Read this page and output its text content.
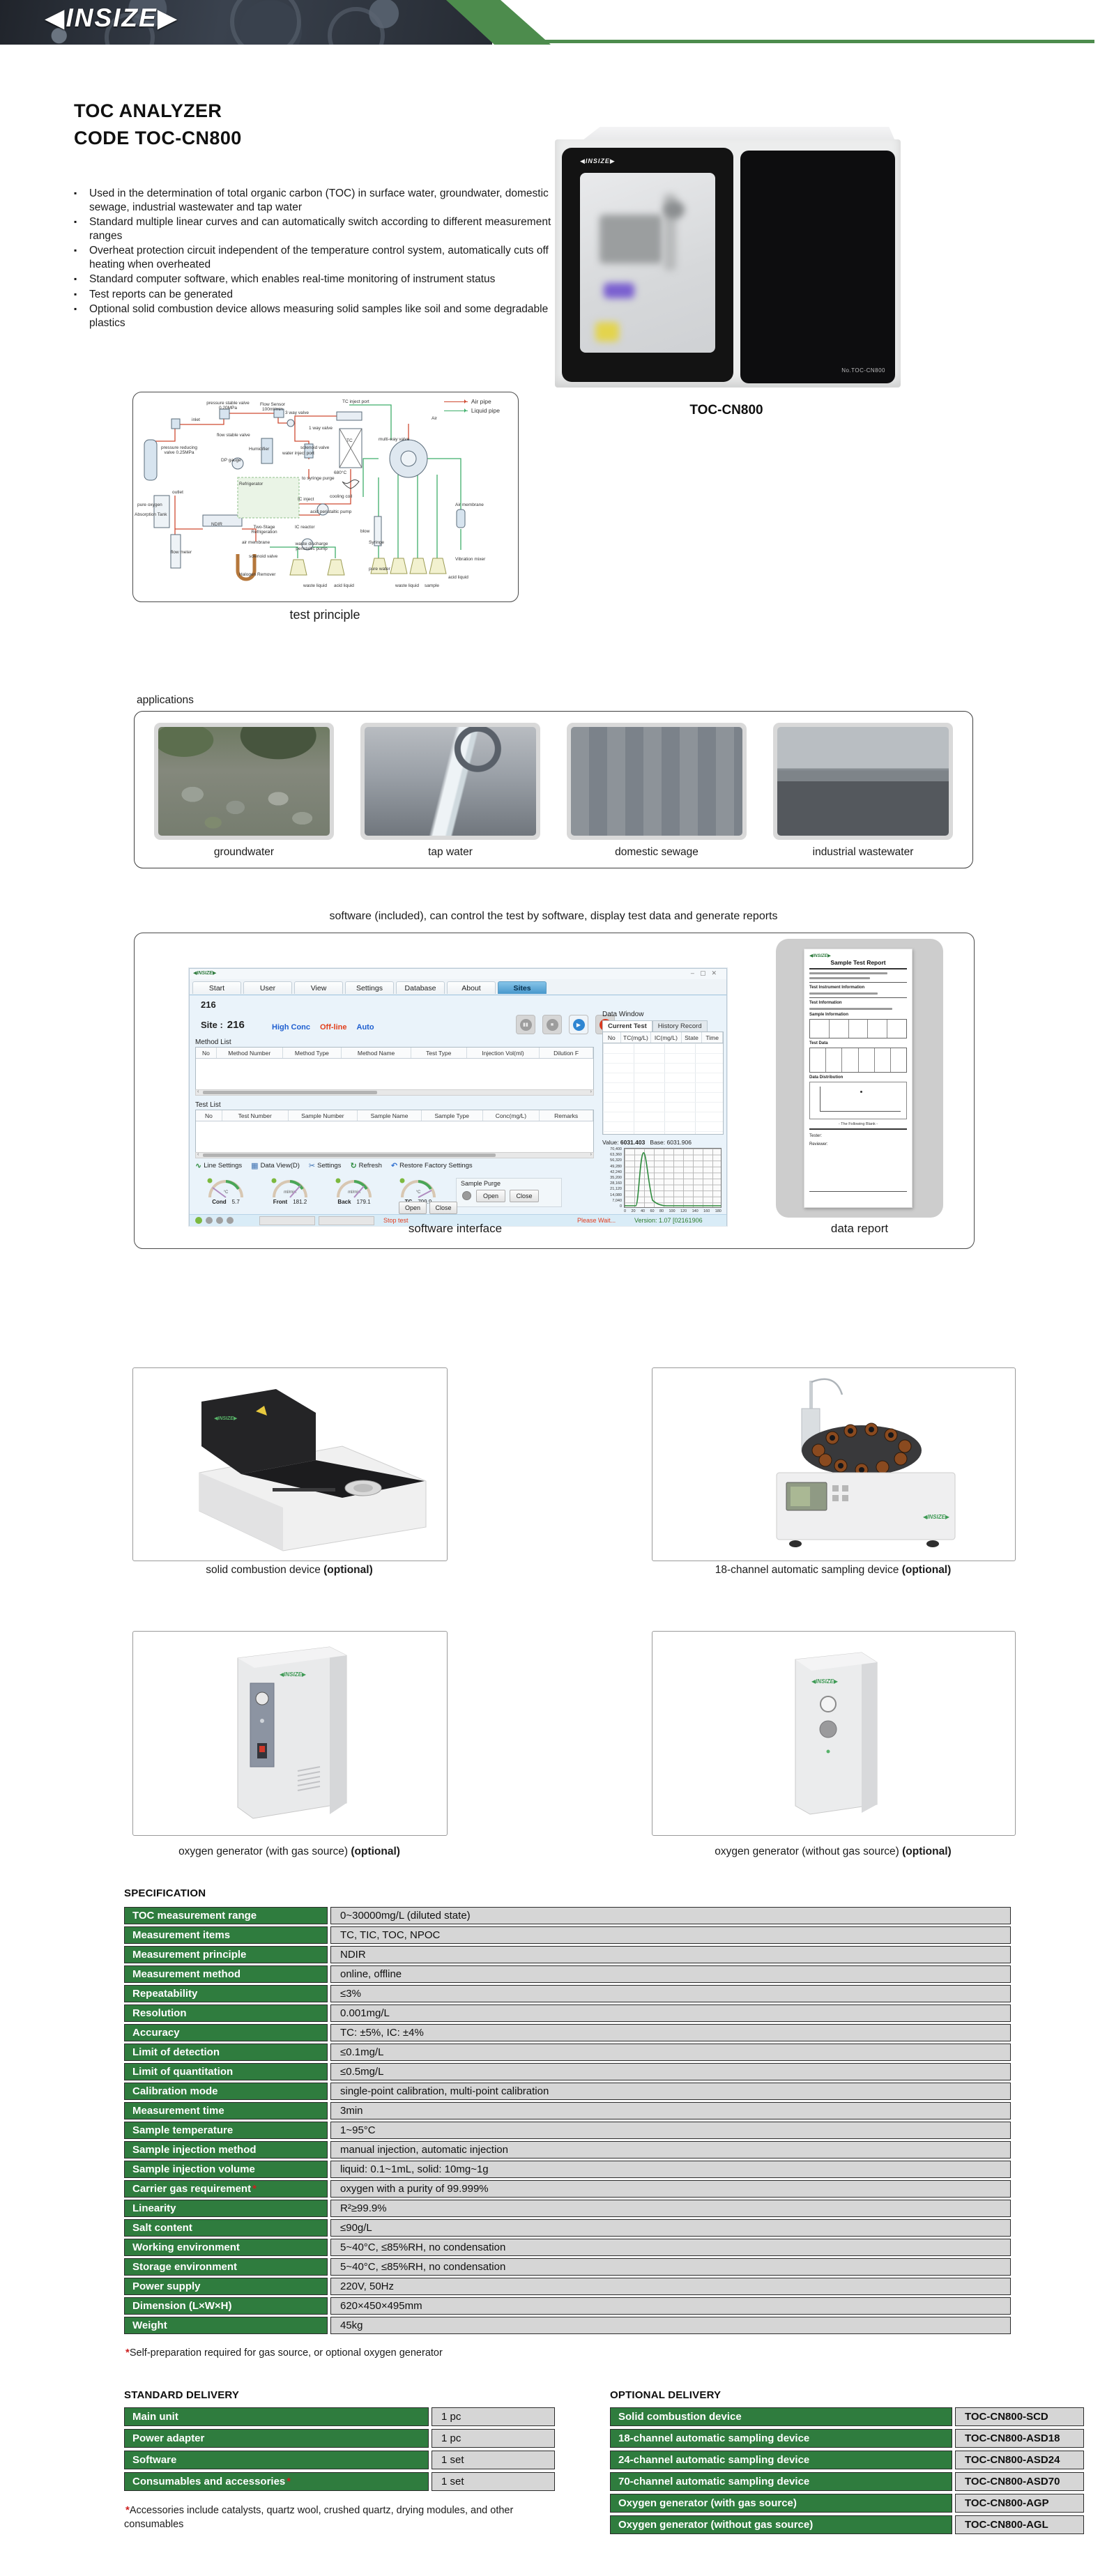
◀INSIZE▶
TOC ANALYZER
CODE TOC-CN800
▪ Used in the determination of total organic carbon (TOC) in surface water, groundwater, domestic sewage, industrial wastewater and tap water
▪ Standard multiple linear curves and can automatically switch according to different measurement ranges
▪ Overheat protection circuit independent of the temperature control system, automatically cuts off heating when overheated
▪ Standard computer software, which enables real-time monitoring of instrument status
▪ Test reports can be generated
▪ Optional solid combustion device allows measuring solid samples like soil and some degradable plastics
◀INSIZE▶
No.TOC-CN800
TOC-CN800
Air pipe
Liquid pipe
pure oxygen
pressure reducing valve 0.25MPa
inlet
pressure stable valve 0.20MPa
flow stable valve
DP gauge
Flow Sensor 100ml/min
Humidifier
water inject port
3 way valve
1 way valve
solenoid valve
to syringe purge
TC inject port
TC
680°C
cooling coil
multi-way valve
Air
outlet
Absorption Tank
NDIR
Two-Stage Refrigeration
air membrane
solenoid valve
Refrigerator
IC inject
acid peristaltic pump
IC reactor
waste discharge peristaltic pump
Halogen Remover
flow meter
waste liquid acid liquid
blow
Syringe
pure water
waste liquid sample
acid liquid
Air membrane
Vibration mixer
test principle
applications
groundwater	tap water	domestic sewage	industrial wastewater
software (included), can control the test by software, display test data and generate reports
◀INSIZE▶	–▢✕
Start	User	View	Settings	Database	About	Sites
216
Site : 216	High Conc Off-line Auto	▮▮	■	▶
Method List
No	Method Number	Method Type	Method Name	Test Type	Injection Vol(ml)	Dilution F
‹	›
Test List
No	Test Number	Sample Number	Sample Name	Sample Type	Conc(mg/L)	Remarks
‹	›
∿ Line Settings ▦ Data View(D) ✂ Settings ↻ Refresh ↶ Restore Factory Settings
°C
Cond 5.7
ml/min
Front 181.2
ml/min
Back 179.1
°C
Sample Purge
Open	Close
Open	Close
Stop test	Please Wait...	Version: 1.07 [02161906
Data Window
Current Test	History Record
No	TC(mg/L)	IC(mg/L)	State	Time
Value: 6031.403 Base: 6031.906
70,400
63,360
56,320
49,280
42,240
35,200
28,160
21,120
14,080
7,040
0
0 20 40 60 80 100 120 140 160 180
◀INSIZE▶
Sample Test Report
Test Instrument Information
Test Information
Sample Information
Test Data
Data Distribution
- The Following Blank -
Tester:
Reviewer:
software interface	data report
◀INSIZE▶
solid combustion device (optional)
◀INSIZE▶
18-channel automatic sampling device (optional)
◀INSIZE▶
oxygen generator (with gas source) (optional)
◀INSIZE▶
oxygen generator (without gas source) (optional)
SPECIFICATION
TOC measurement range	0~30000mg/L (diluted state)
Measurement items	TC, TIC, TOC, NPOC
Measurement principle	NDIR
Measurement method	online, offline
Repeatability	≤3%
Resolution	0.001mg/L
Accuracy	TC: ±5%, IC: ±4%
Limit of detection	≤0.1mg/L
Limit of quantitation	≤0.5mg/L
Calibration mode	single-point calibration, multi-point calibration
Measurement time	3min
Sample temperature	1~95°C
Sample injection method	manual injection, automatic injection
Sample injection volume	liquid: 0.1~1mL, solid: 10mg~1g
Carrier gas requirement *	oxygen with a purity of 99.999%
Linearity	R²≥99.9%
Salt content	≤90g/L
Working environment	5~40°C, ≤85%RH, no condensation
Storage environment	5~40°C, ≤85%RH, no condensation
Power supply	220V, 50Hz
Dimension (L×W×H)	620×450×495mm
Weight	45kg
*Self-preparation required for gas source, or optional oxygen generator
STANDARD DELIVERY
Main unit	1 pc
Power adapter	1 pc
Software	1 set
Consumables and accessories *	1 set
*Accessories include catalysts, quartz wool, crushed quartz, drying modules, and other consumables
OPTIONAL DELIVERY
Solid combustion device	TOC-CN800-SCD
18-channel automatic sampling device	TOC-CN800-ASD18
24-channel automatic sampling device	TOC-CN800-ASD24
70-channel automatic sampling device	TOC-CN800-ASD70
Oxygen generator (with gas source)	TOC-CN800-AGP
Oxygen generator (without gas source)	TOC-CN800-AGL
